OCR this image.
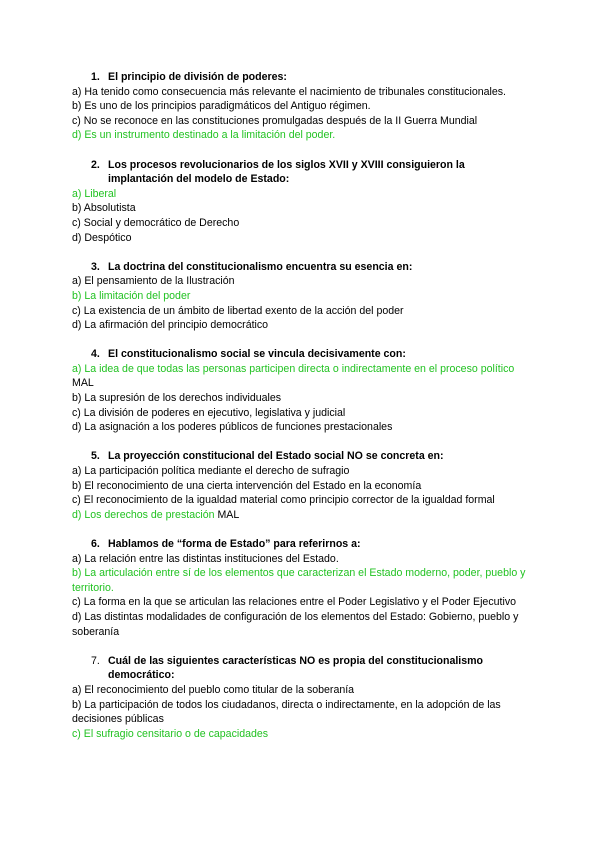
1. El principio de división de poderes:
a) Ha tenido como consecuencia más relevante el nacimiento de tribunales constitucionales.
b) Es uno de los principios paradigmáticos del Antiguo régimen.
c) No se reconoce en las constituciones promulgadas después de la II Guerra Mundial
d) Es un instrumento destinado a la limitación del poder.
2. Los procesos revolucionarios de los siglos XVII y XVIII consiguieron la implantación del modelo de Estado:
a) Liberal
b) Absolutista
c) Social y democrático de Derecho
d) Despótico
3. La doctrina del constitucionalismo encuentra su esencia en:
a) El pensamiento de la Ilustración
b) La limitación del poder
c) La existencia de un ámbito de libertad exento de la acción del poder
d) La afirmación del principio democrático
4. El constitucionalismo social se vincula decisivamente con:
a) La idea de que todas las personas participen directa o indirectamente en el proceso político MAL
b) La supresión de los derechos individuales
c) La división de poderes en ejecutivo, legislativa y judicial
d) La asignación a los poderes públicos de funciones prestacionales
5. La proyección constitucional del Estado social NO se concreta en:
a) La participación política mediante el derecho de sufragio
b) El reconocimiento de una cierta intervención del Estado en la economía
c) El reconocimiento de la igualdad material como principio corrector de la igualdad formal
d) Los derechos de prestación MAL
6. Hablamos de “forma de Estado” para referirnos a:
a) La relación entre las distintas instituciones del Estado.
b) La articulación entre sí de los elementos que caracterizan el Estado moderno, poder, pueblo y territorio.
c) La forma en la que se articulan las relaciones entre el Poder Legislativo y el Poder Ejecutivo
d) Las distintas modalidades de configuración de los elementos del Estado: Gobierno, pueblo y soberanía
7. Cuál de las siguientes características NO es propia del constitucionalismo democrático:
a) El reconocimiento del pueblo como titular de la soberanía
b) La participación de todos los ciudadanos, directa o indirectamente, en la adopción de las decisiones públicas
c) El sufragio censitario o de capacidades
